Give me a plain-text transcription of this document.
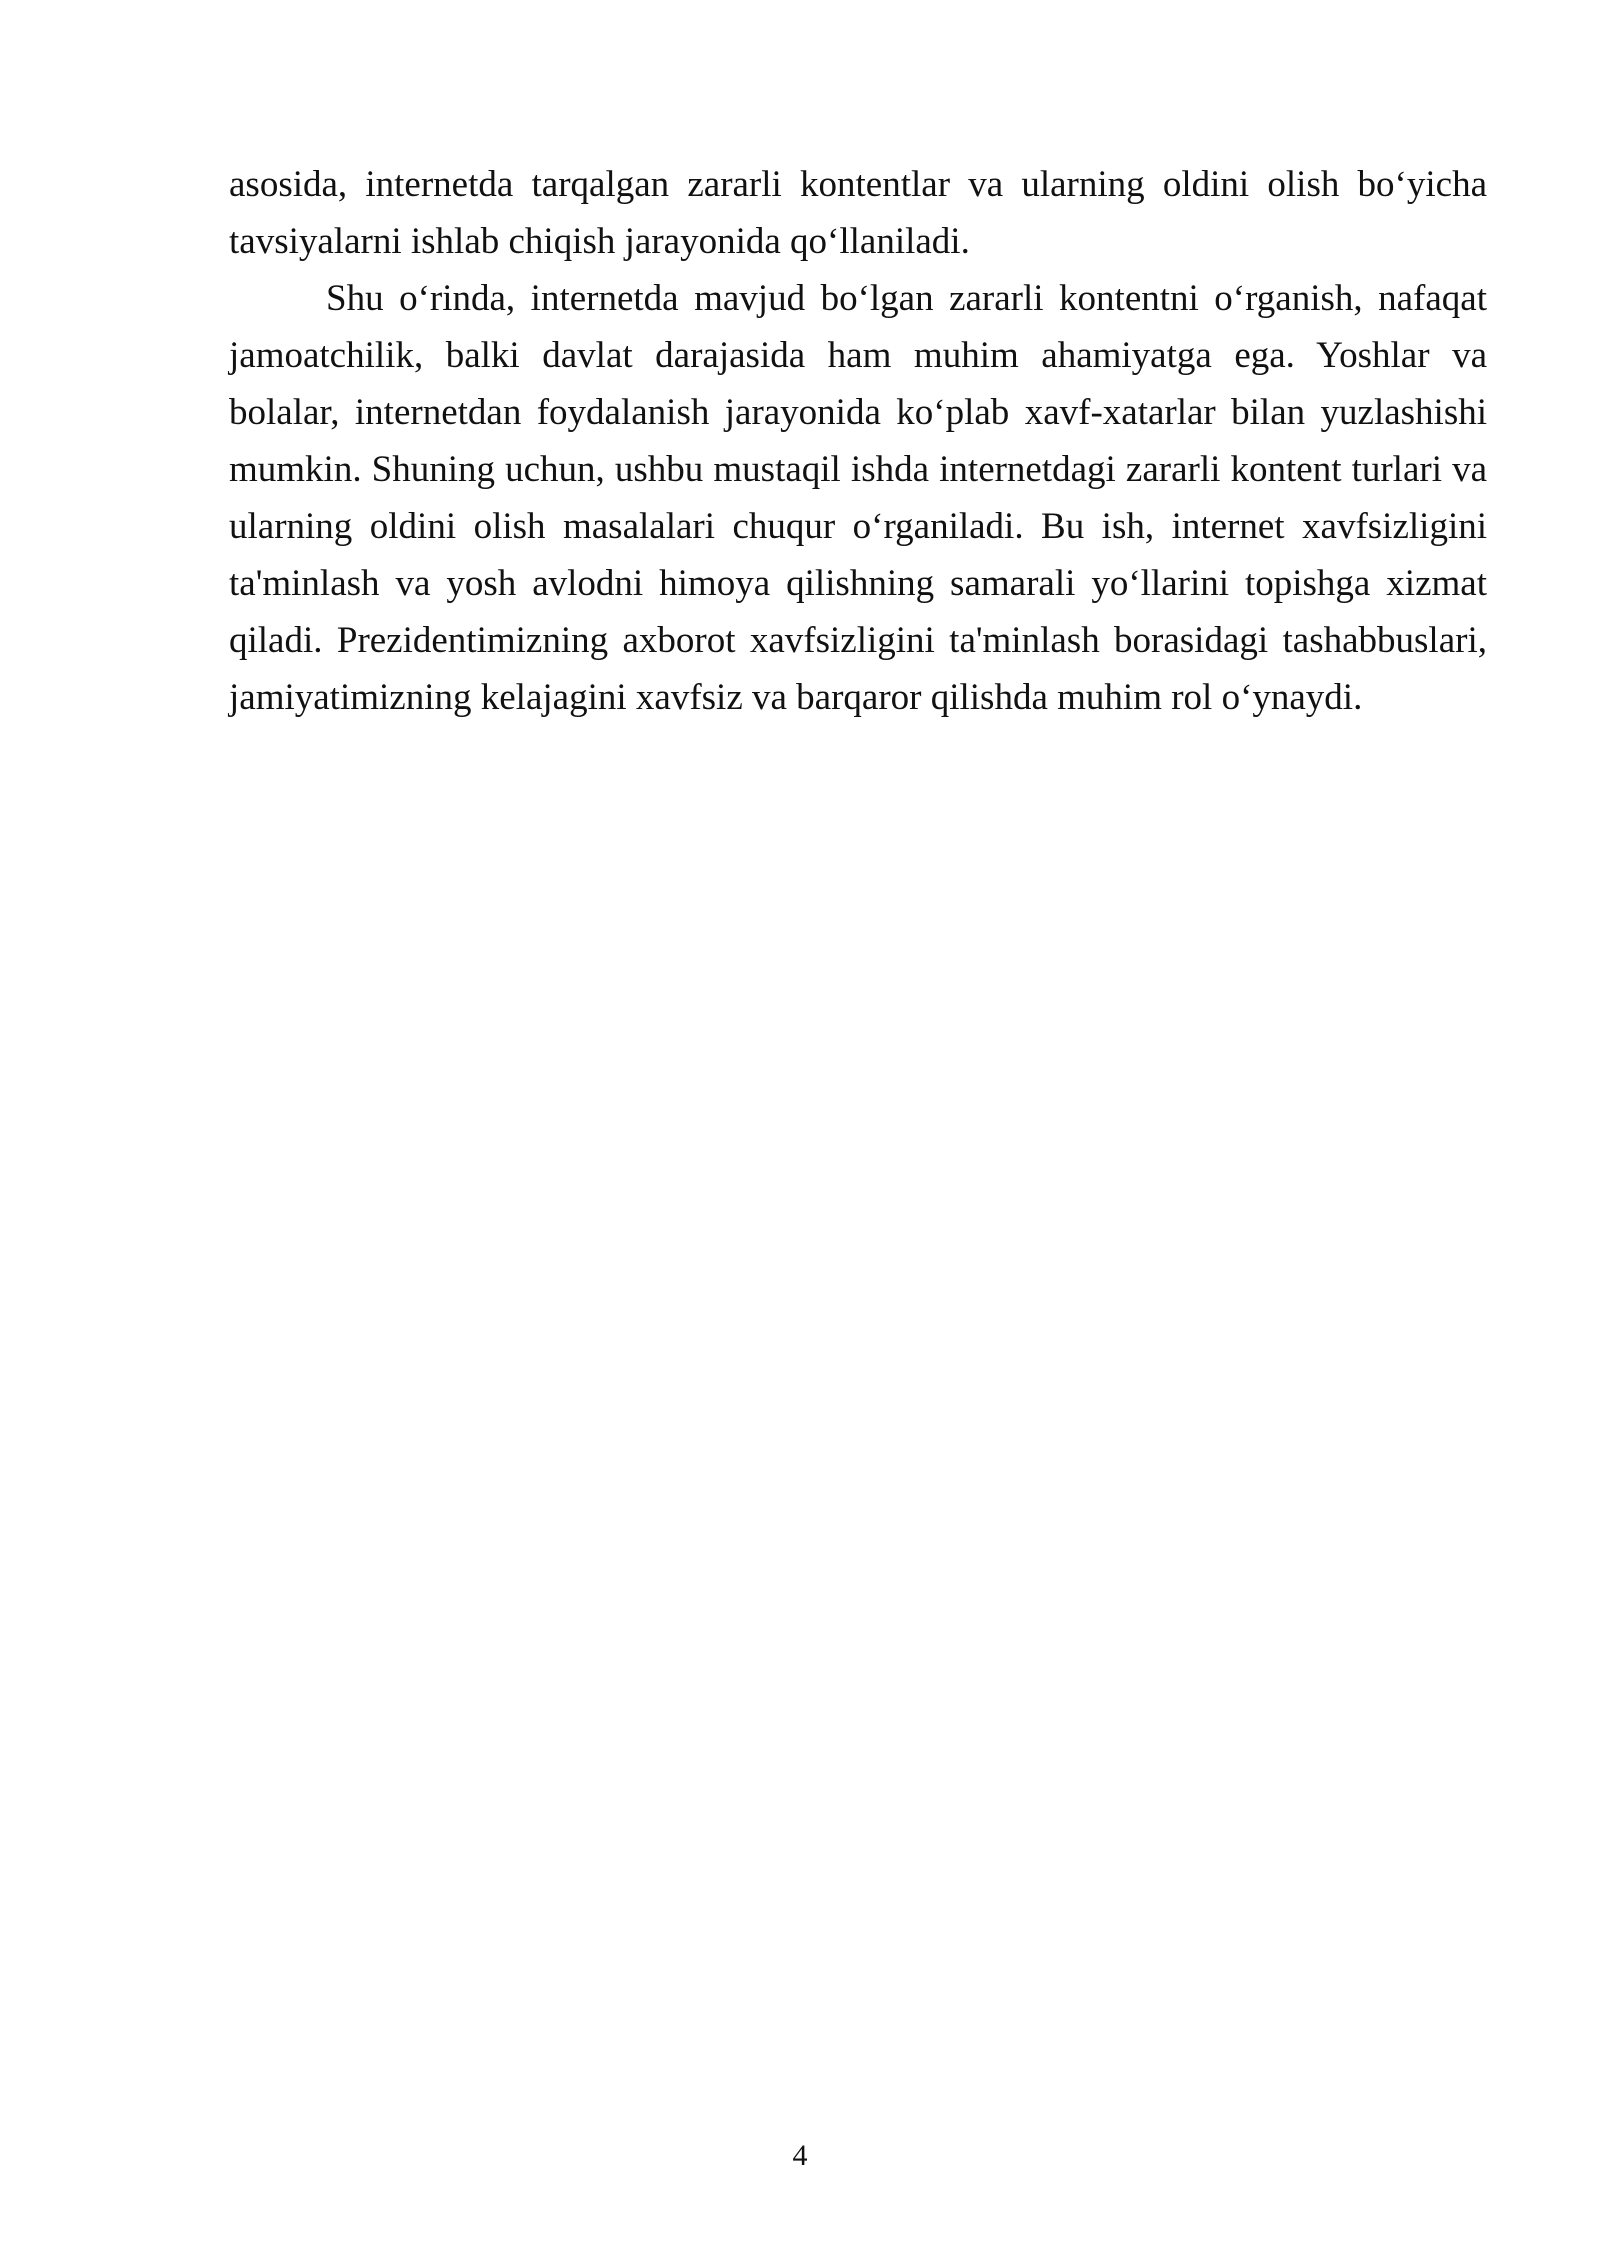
asosida, internetda tarqalgan zararli kontentlar va ularning oldini olish bo‘yicha tavsiyalarni ishlab chiqish jarayonida qo‘llaniladi.

Shu o‘rinda, internetda mavjud bo‘lgan zararli kontentni o‘rganish, nafaqat jamoatchilik, balki davlat darajasida ham muhim ahamiyatga ega. Yoshlar va bolalar, internetdan foydalanish jarayonida ko‘plab xavf-xatarlar bilan yuzlashishi mumkin. Shuning uchun, ushbu mustaqil ishda internetdagi zararli kontent turlari va ularning oldini olish masalalari chuqur o‘rganiladi. Bu ish, internet xavfsizligini ta'minlash va yosh avlodni himoya qilishning samarali yo‘llarini topishga xizmat qiladi. Prezidentimizning axborot xavfsizligini ta'minlash borasidagi tashabbuslari, jamiyatimizning kelajagini xavfsiz va barqaror qilishda muhim rol o‘ynaydi.

4
